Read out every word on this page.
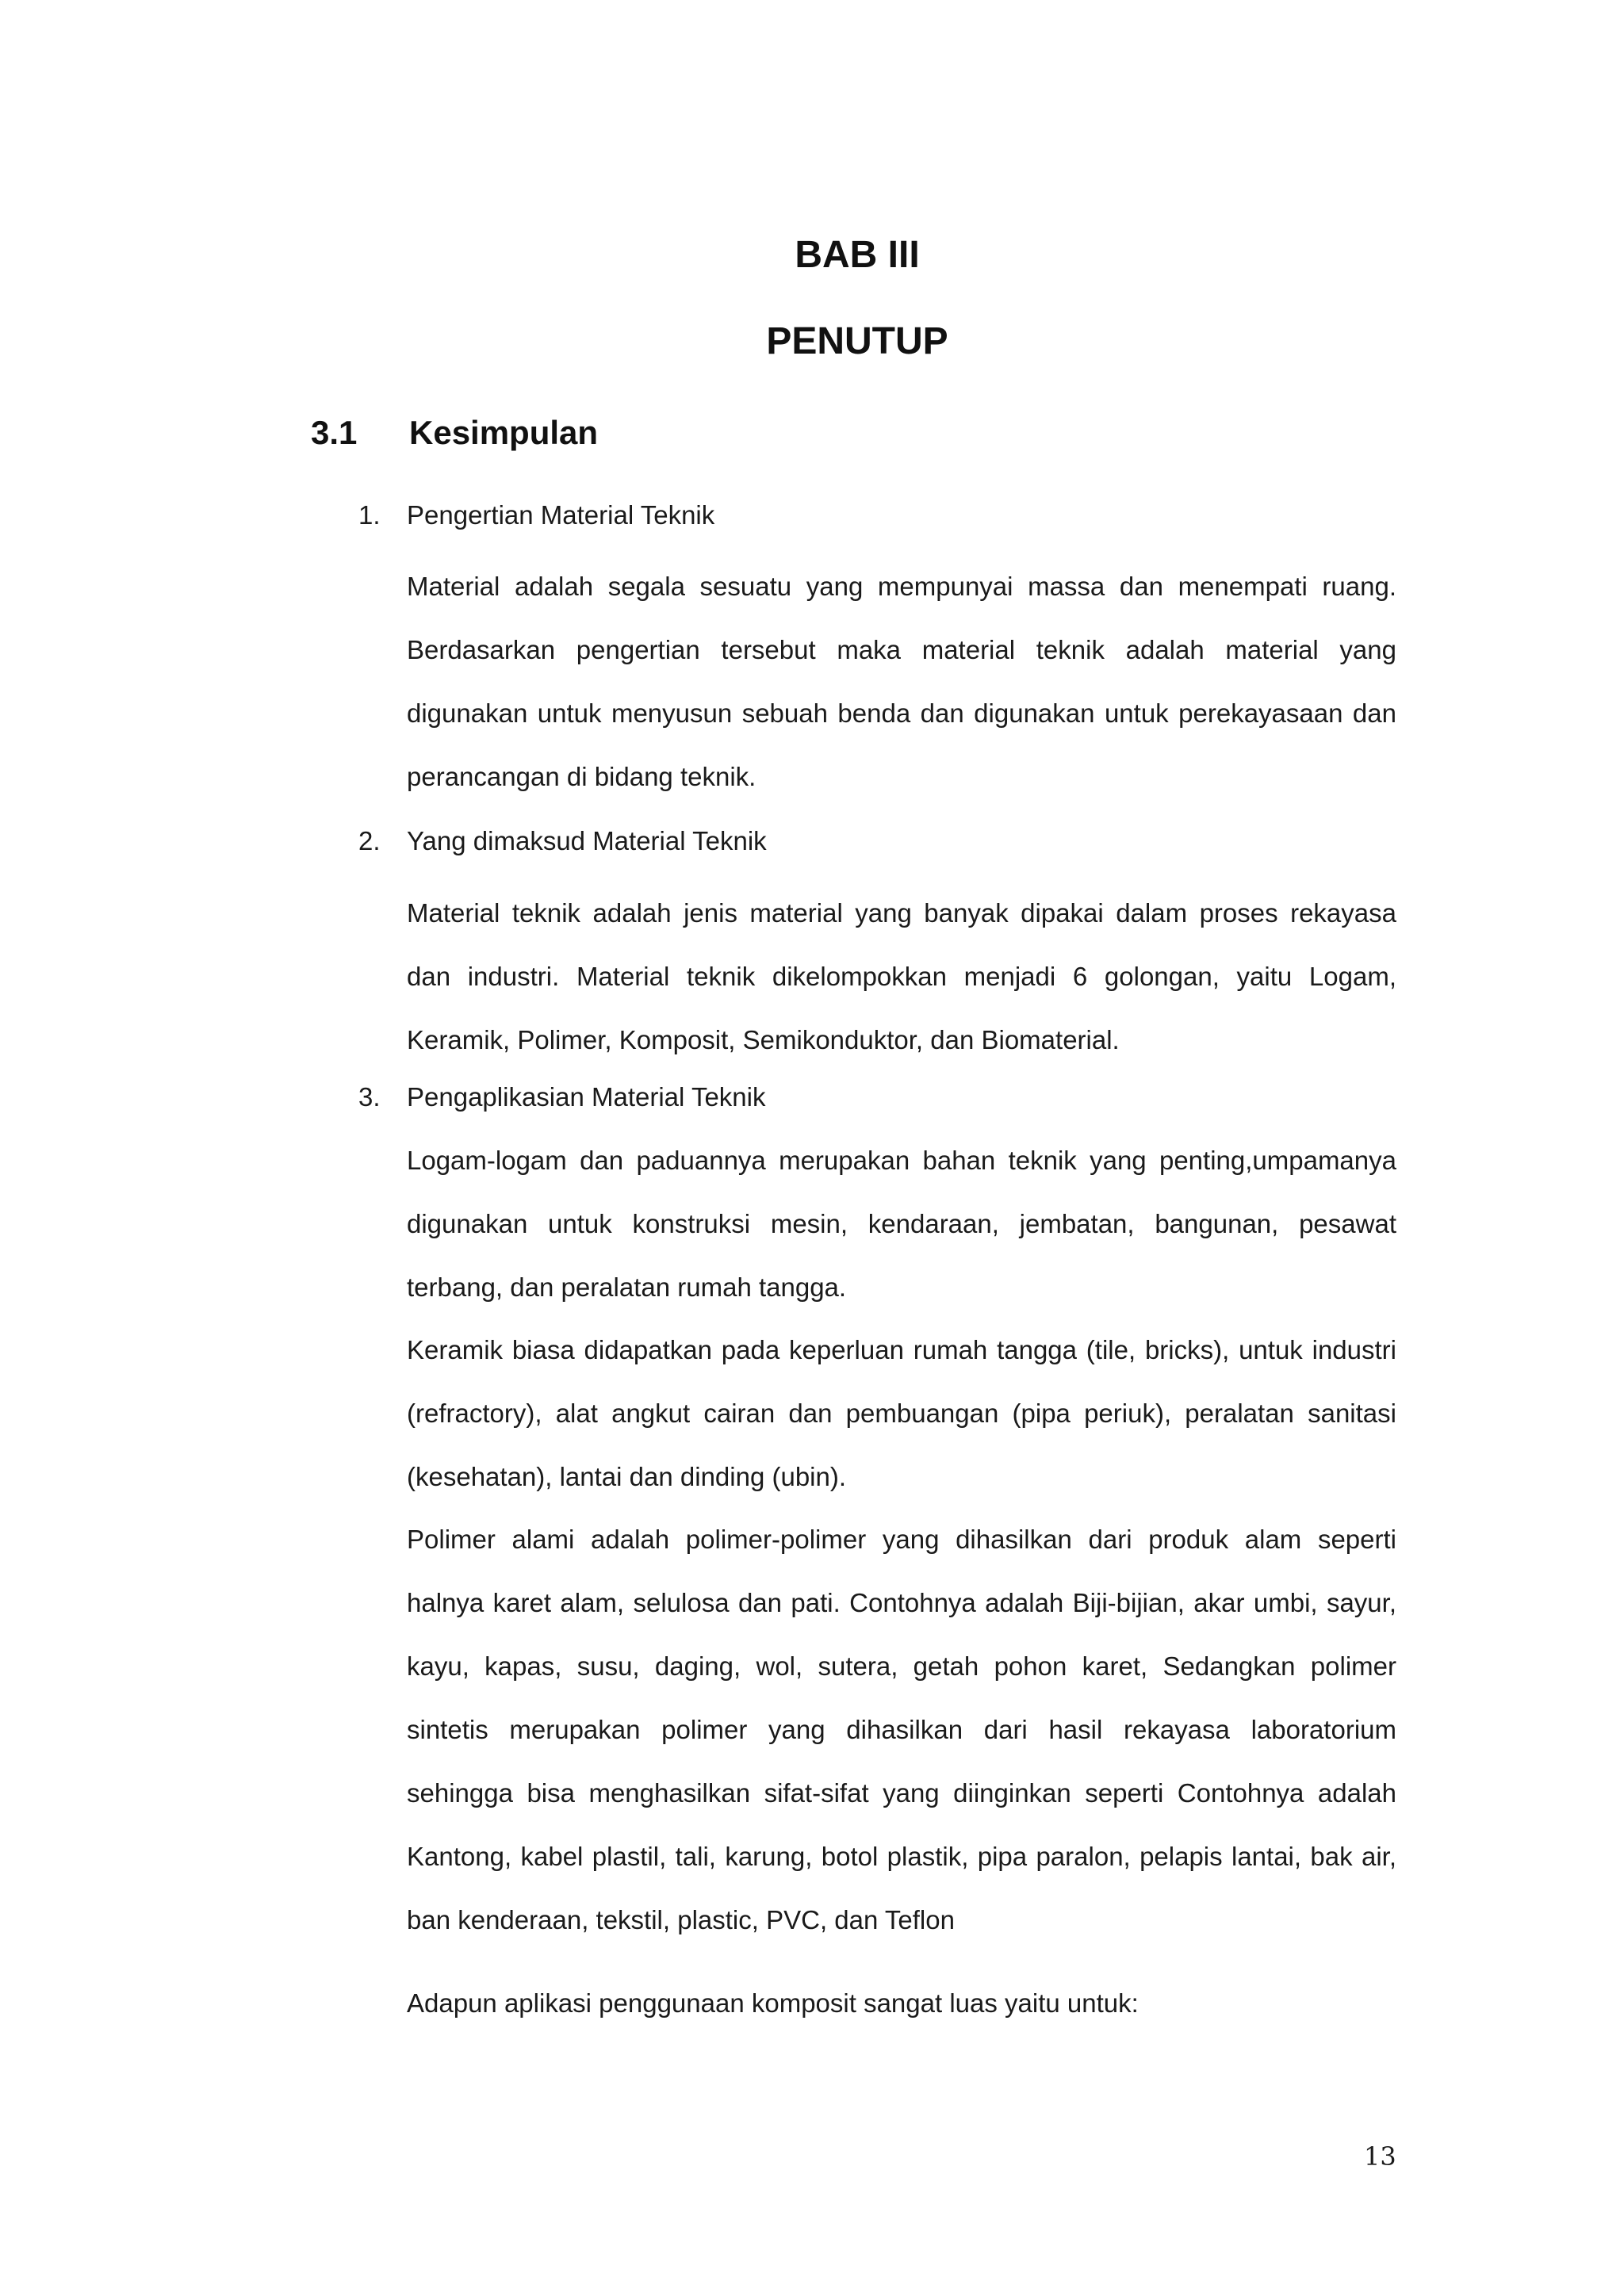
BAB III
PENUTUP
3.1 Kesimpulan
1. Pengertian Material Teknik

Material adalah segala sesuatu yang mempunyai massa dan menempati ruang. Berdasarkan pengertian tersebut maka material teknik adalah material yang digunakan untuk menyusun sebuah benda dan digunakan untuk perekayasaan dan perancangan di bidang teknik.

2. Yang dimaksud Material Teknik

Material teknik adalah jenis material yang banyak dipakai dalam proses rekayasa dan industri. Material teknik dikelompokkan menjadi 6 golongan, yaitu Logam, Keramik, Polimer, Komposit, Semikonduktor, dan Biomaterial.

3. Pengaplikasian Material Teknik

Logam-logam dan paduannya merupakan bahan teknik yang penting,umpamanya digunakan untuk konstruksi mesin, kendaraan, jembatan, bangunan, pesawat terbang, dan peralatan rumah tangga.

Keramik biasa didapatkan pada keperluan rumah tangga (tile, bricks), untuk industri (refractory), alat angkut cairan dan pembuangan (pipa periuk), peralatan sanitasi (kesehatan), lantai dan dinding (ubin).

Polimer alami adalah polimer-polimer yang dihasilkan dari produk alam seperti halnya karet alam, selulosa dan pati. Contohnya adalah Biji-bijian, akar umbi, sayur, kayu, kapas, susu, daging, wol, sutera, getah pohon karet, Sedangkan polimer sintetis merupakan polimer yang dihasilkan dari hasil rekayasa laboratorium sehingga bisa menghasilkan sifat-sifat yang diinginkan seperti Contohnya adalah Kantong, kabel plastil, tali, karung, botol plastik, pipa paralon, pelapis lantai, bak air, ban kenderaan, tekstil, plastic, PVC, dan Teflon

Adapun aplikasi penggunaan komposit sangat luas yaitu untuk:

13
